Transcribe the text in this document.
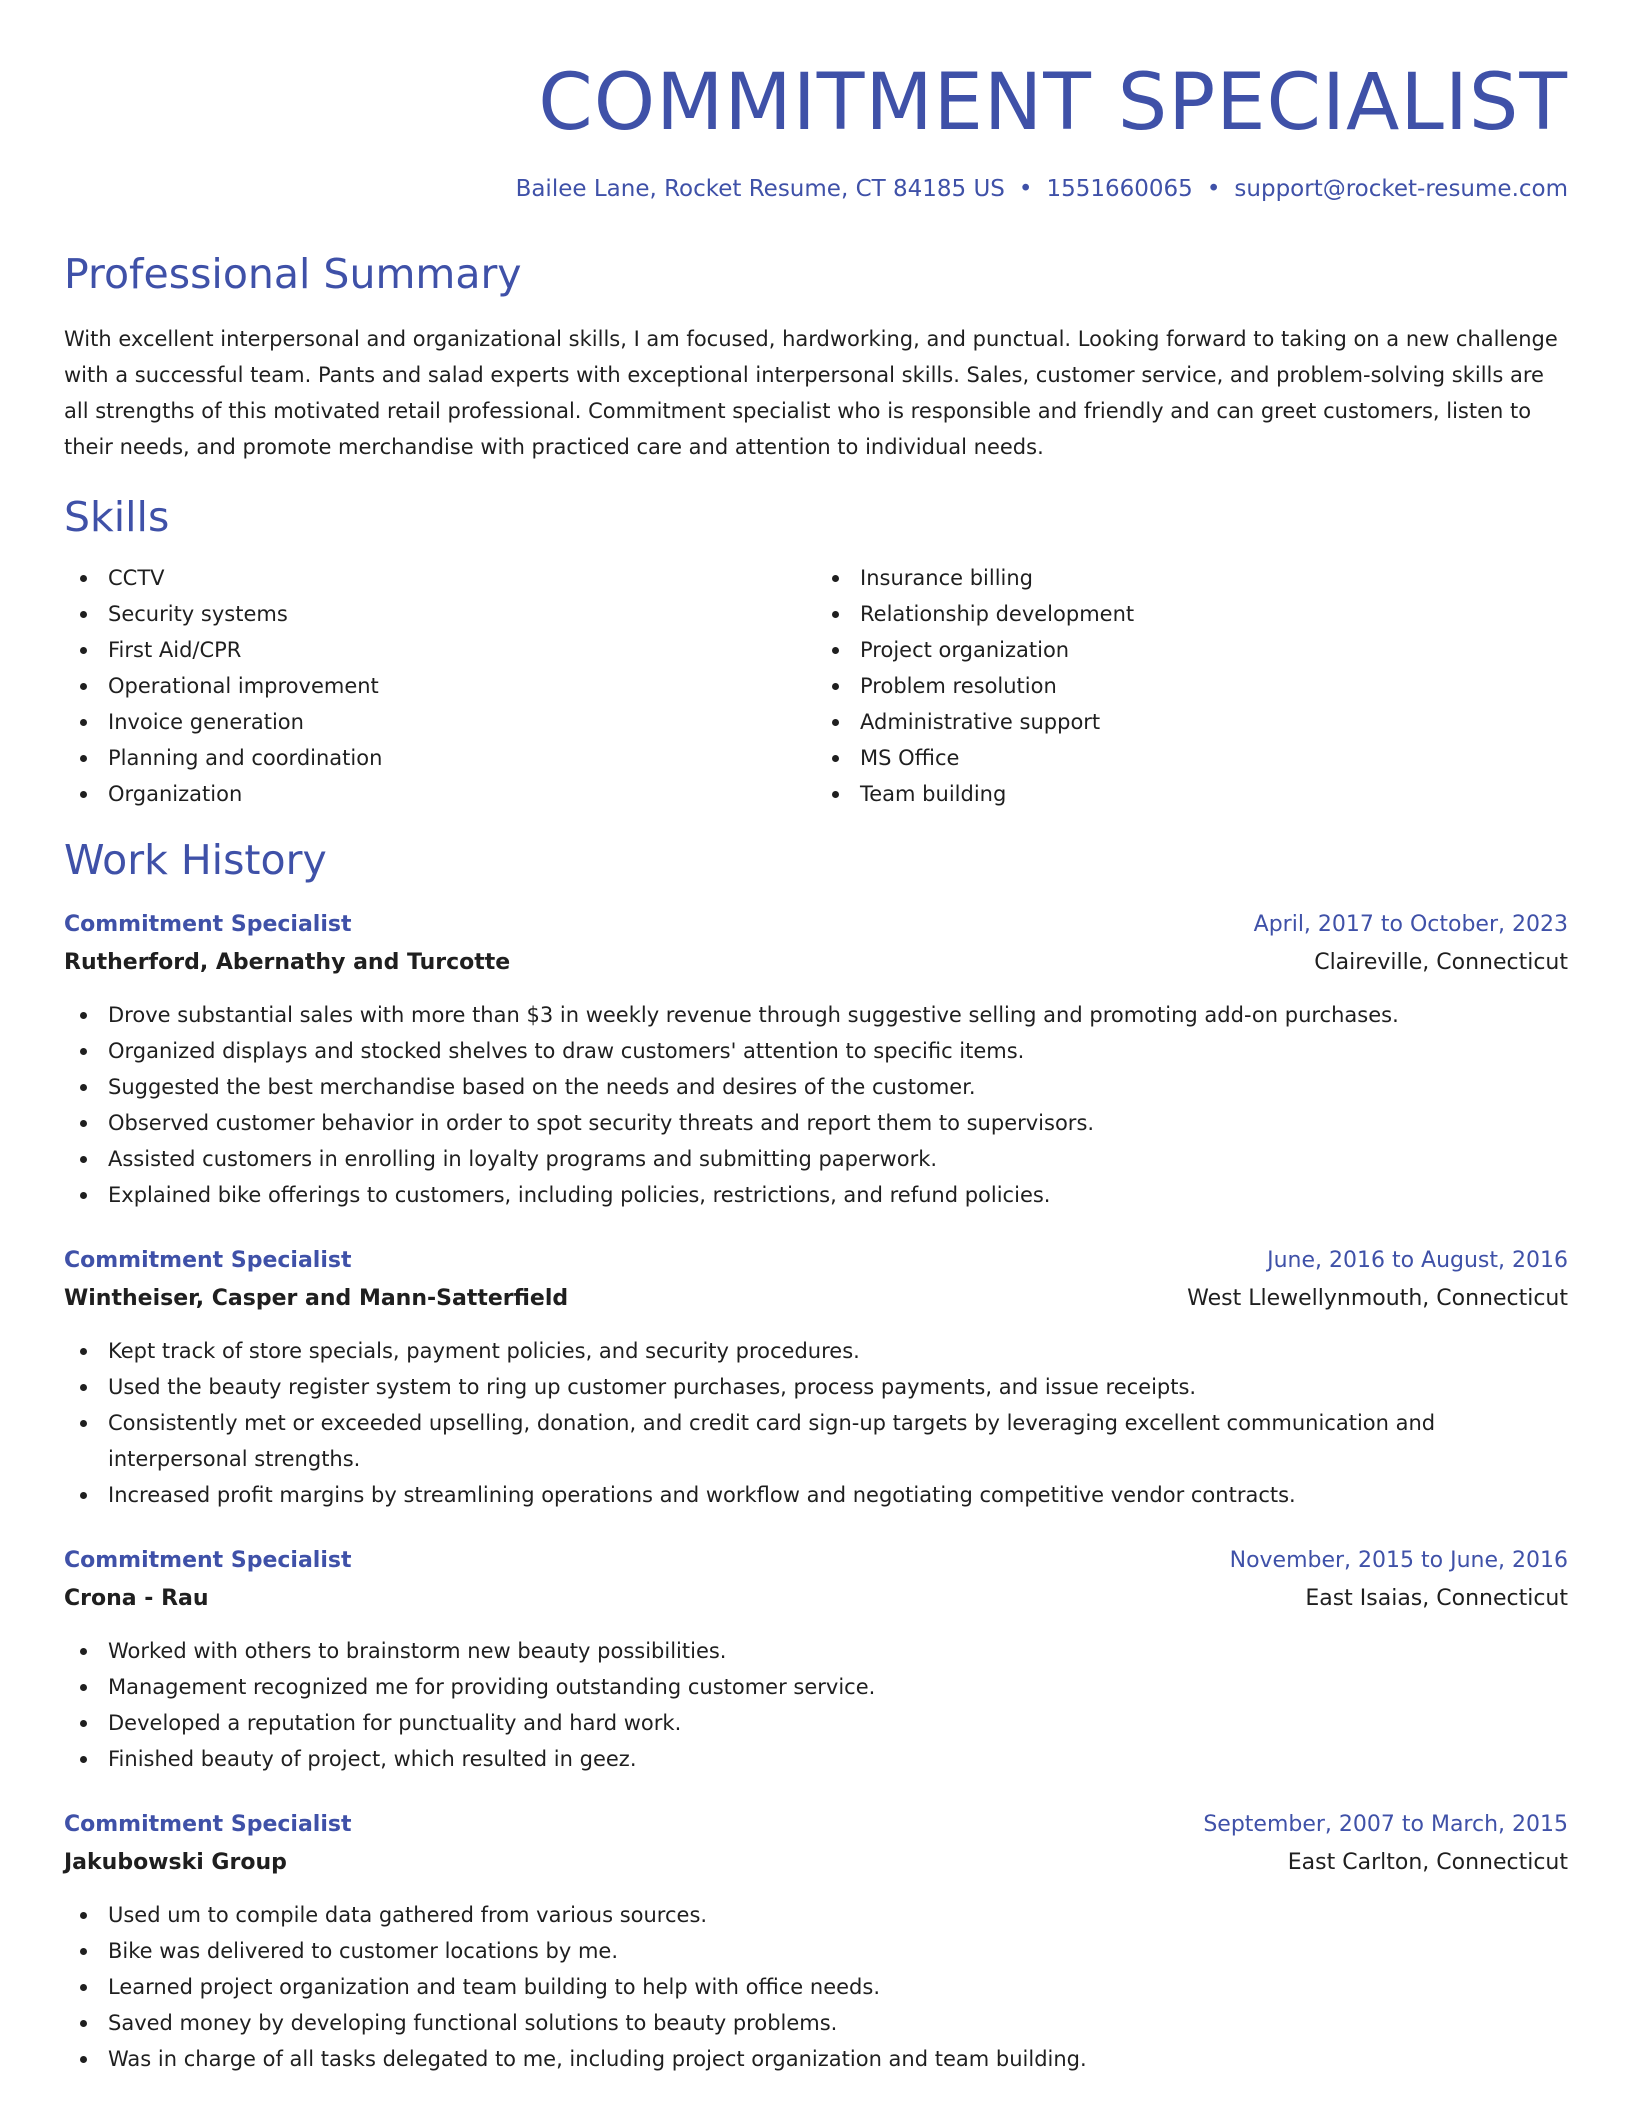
COMMITMENT SPECIALIST
Bailee Lane, Rocket Resume, CT 84185 US • 1551660065 • support@rocket-resume.com
Professional Summary

With excellent interpersonal and organizational skills, I am focused, hardworking, and punctual. Looking forward to taking on a new challenge with a successful team. Pants and salad experts with exceptional interpersonal skills. Sales, customer service, and problem-solving skills are all strengths of this motivated retail professional. Commitment specialist who is responsible and friendly and can greet customers, listen to their needs, and promote merchandise with practiced care and attention to individual needs.

Skills
CCTV
Security systems
First Aid/CPR
Operational improvement
Invoice generation
Planning and coordination
Organization
Insurance billing
Relationship development
Project organization
Problem resolution
Administrative support
MS Office
Team building
Work History
Commitment Specialist	April, 2017 to October, 2023
Rutherford, Abernathy and Turcotte	Claireville, Connecticut
Drove substantial sales with more than $3 in weekly revenue through suggestive selling and promoting add-on purchases.
Organized displays and stocked shelves to draw customers' attention to specific items.
Suggested the best merchandise based on the needs and desires of the customer.
Observed customer behavior in order to spot security threats and report them to supervisors.
Assisted customers in enrolling in loyalty programs and submitting paperwork.
Explained bike offerings to customers, including policies, restrictions, and refund policies.
Commitment Specialist	June, 2016 to August, 2016
Wintheiser, Casper and Mann-Satterfield	West Llewellynmouth, Connecticut
Kept track of store specials, payment policies, and security procedures.
Used the beauty register system to ring up customer purchases, process payments, and issue receipts.
Consistently met or exceeded upselling, donation, and credit card sign-up targets by leveraging excellent communication and interpersonal strengths.
Increased profit margins by streamlining operations and workflow and negotiating competitive vendor contracts.
Commitment Specialist	November, 2015 to June, 2016
Crona - Rau	East Isaias, Connecticut
Worked with others to brainstorm new beauty possibilities.
Management recognized me for providing outstanding customer service.
Developed a reputation for punctuality and hard work.
Finished beauty of project, which resulted in geez.
Commitment Specialist	September, 2007 to March, 2015
Jakubowski Group	East Carlton, Connecticut
Used um to compile data gathered from various sources.
Bike was delivered to customer locations by me.
Learned project organization and team building to help with office needs.
Saved money by developing functional solutions to beauty problems.
Was in charge of all tasks delegated to me, including project organization and team building.
